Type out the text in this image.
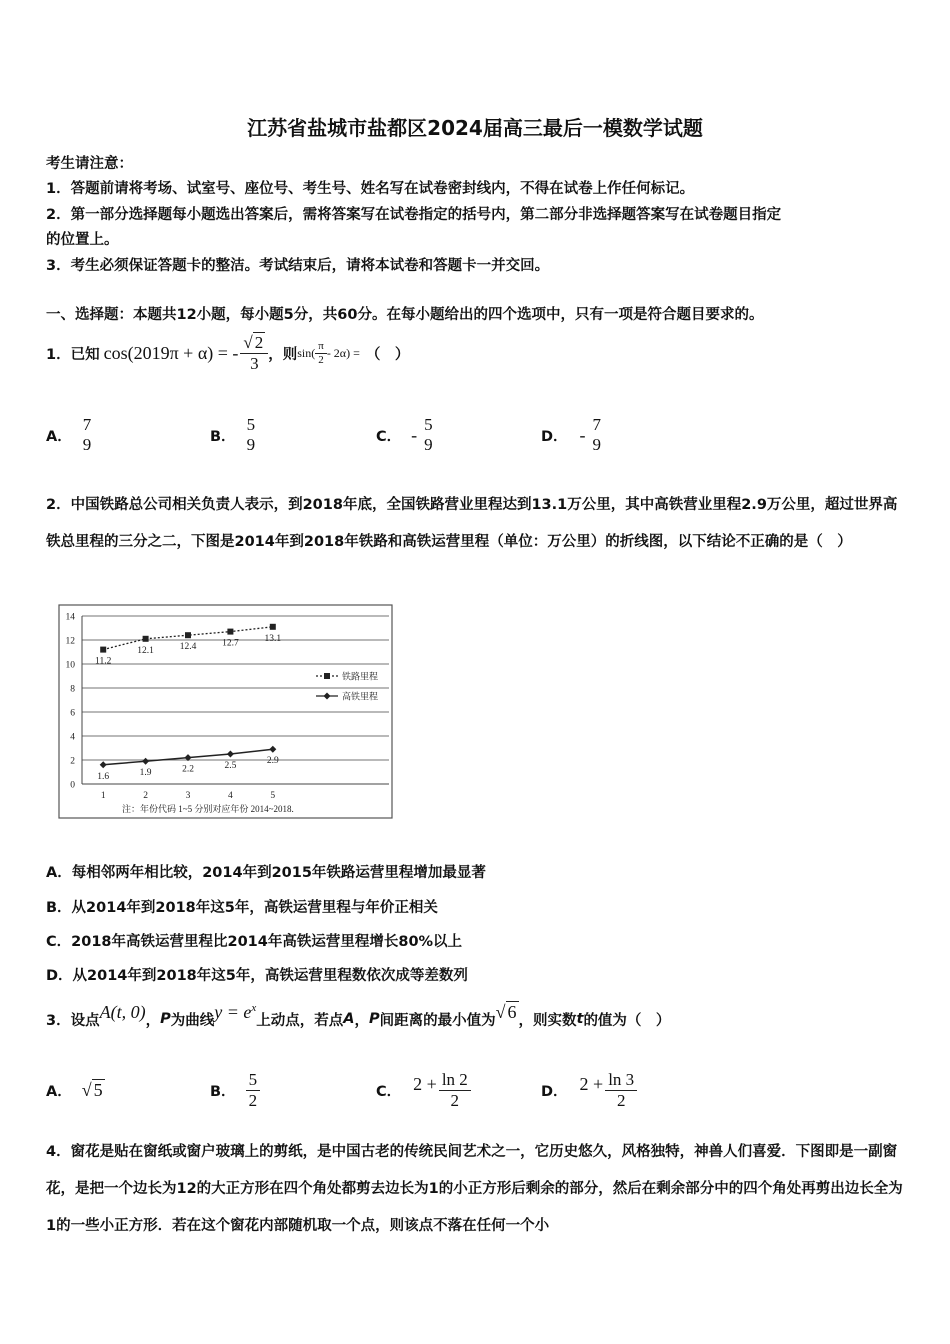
江苏省盐城市盐都区2024届高三最后一模数学试题
考生请注意：
1．答题前请将考场、试室号、座位号、考生号、姓名写在试卷密封线内，不得在试卷上作任何标记。
2．第一部分选择题每小题选出答案后，需将答案写在试卷指定的括号内，第二部分非选择题答案写在试卷题目指定
的位置上。
3．考生必须保证答题卡的整洁。考试结束后，请将本试卷和答题卡一并交回。
一、选择题：本题共12小题，每小题5分，共60分。在每小题给出的四个选项中，只有一项是符合题目要求的。
1．已知 cos(2019π + α) = - $\frac{√ 2}{3}$ ，则 $\sin( \frac{\pi}{2} - 2\alpha)$ = （　）
A．
7
9	B．
5
9	C． - 5
9	D． - 7
9
2．中国铁路总公司相关负责人表示，到2018年底，全国铁路营业里程达到13.1万公里，其中高铁营业里程2.9万公里，超过世界高铁总里程的三分之二，下图是2014年到2018年铁路和高铁运营里程（单位：万公里）的折线图，以下结论不正确的是（　）
0
2
4
6
8
10
12
14
1	2	3	4	5
11.2
12.1	12.4	12.7	13.1
1.6	1.9	2.2	2.5	2.9
铁路里程
高铁里程
注：年份代码 1~5 分别对应年份 2014~2018.
A．每相邻两年相比较，2014年到2015年铁路运营里程增加最显著
B．从2014年到2018年这5年，高铁运营里程与年价正相关
C．2018年高铁运营里程比2014年高铁运营里程增长80%以上
D．从2014年到2018年这5年，高铁运营里程数依次成等差数列
3．设点 A(t, 0) ， P 为曲线 $y = e^x$
上动点，若点 A ， P 间距离的最小值为 √ 6 ，则实数 t 的值为（　）
A． √ 5	B． $\frac{5}{2}$	C． $2 + \frac{\ln 2}{2}$	D． $2 + \frac{\ln 3}{2}$
4．窗花是贴在窗纸或窗户玻璃上的剪纸，是中国古老的传统民间艺术之一，它历史悠久，风格独特，神兽人们喜爱．下图即是一副窗花，是把一个边长为12的大正方形在四个角处都剪去边长为1的小正方形后剩余的部分，然后在剩余部分中的四个角处再剪出边长全为1的一些小正方形．若在这个窗花内部随机取一个点，则该点不落在任何一个小
